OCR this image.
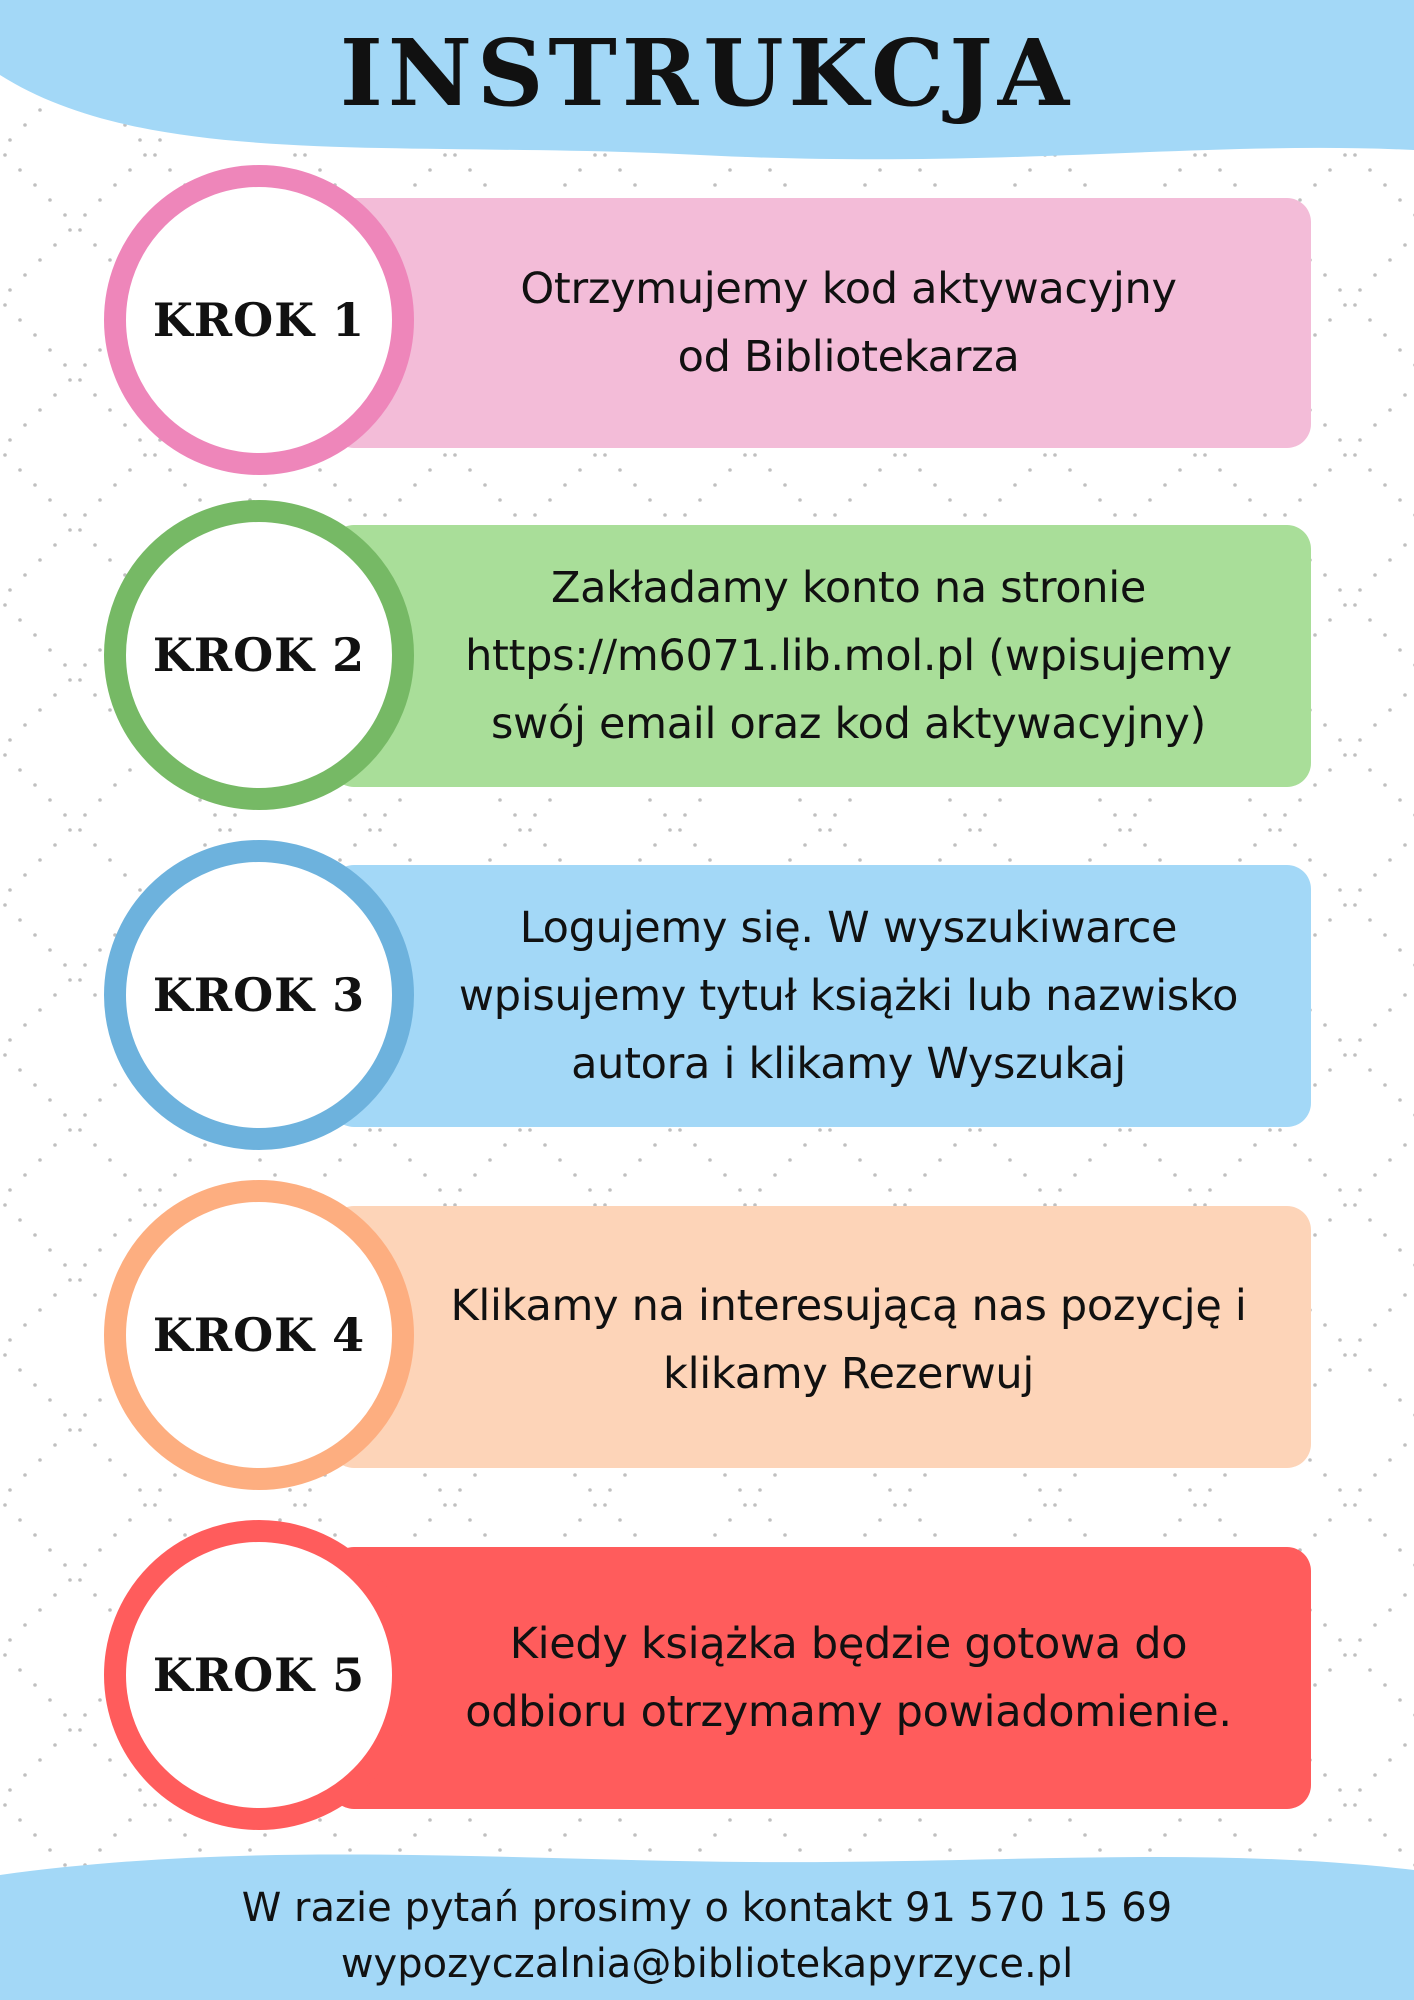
INSTRUKCJA
Otrzymujemy kod aktywacyjny
od Bibliotekarza
KROK 1
Zakładamy konto na stronie
https://m6071.lib.mol.pl (wpisujemy
swój email oraz kod aktywacyjny)
KROK 2
Logujemy się. W wyszukiwarce
wpisujemy tytuł książki lub nazwisko
autora i klikamy Wyszukaj
KROK 3
Klikamy na interesującą nas pozycję i
klikamy Rezerwuj
KROK 4
Kiedy książka będzie gotowa do
odbioru otrzymamy powiadomienie.
KROK 5
W razie pytań prosimy o kontakt 91 570 15 69
wypozyczalnia@bibliotekapyrzyce.pl
